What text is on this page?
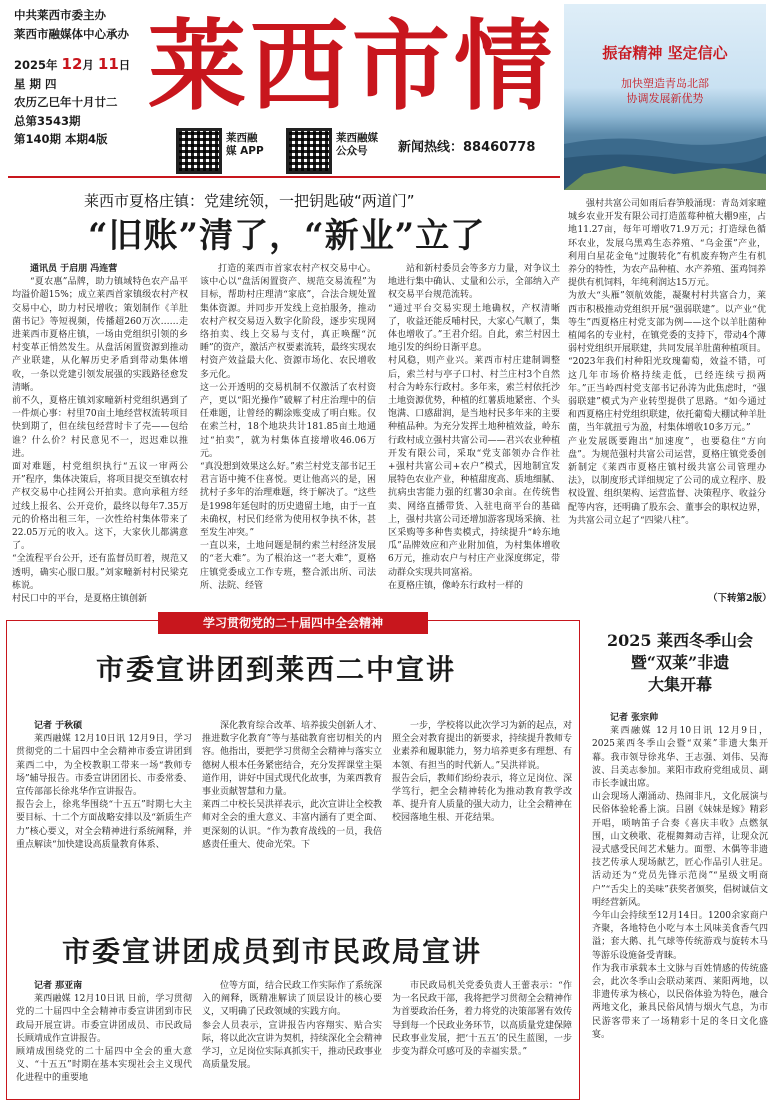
中共莱西市委主办
莱西市融媒体中心承办
2025年 12月 11日
星 期 四
农历乙巳年十月廿二
总第3543期
第140期 本期4版
莱西市情
莱西融媒 APP
莱西融媒 公众号	新闻热线：88460778
振奋精神 坚定信心
加快塑造青岛北部
协调发展新优势
莱西市夏格庄镇：党建统领，一把钥匙破“两道门”
“旧账”清了，“新业”立了
通讯员 于启朋 冯连营
“夏农惠”品牌，助力镇域特色农产品平均溢价超15%；成立莱西首家镇级农村产权交易中心，助力村民增收；策划制作《羊肚菌书记》等短视频，传播超260万次……走进莱西市夏格庄镇，一场由党组织引领的乡村变革正悄然发生。从盘活闲置资源到推动产业联建，从化解历史矛盾到带动集体增收，一条以党建引领发展强的实践路径愈发清晰。
前不久，夏格庄镇刘家疃新村党组织遇到了一件烦心事：村里70亩土地经营权流转项目快到期了，但在续包经营时卡了壳——包给谁？什么价？村民意见不一，迟迟难以推进。
面对难题，村党组织执行“五议一审两公开”程序，集体决策后，将项目提交至镇农村产权交易中心挂网公开拍卖。意向承租方经过线上报名、公开竞价，最终以每年7.35万元的价格出租三年，一次性给村集体带来了22.05万元的收入。这下，大家伙儿都满意了。
“全流程平台公开，还有监督员盯着，规范又透明，确实心服口服。”刘家疃新村村民梁克栋说。
村民口中的平台，是夏格庄镇创新
打造的莱西市首家农村产权交易中心。该中心以“盘活闲置资产、规范交易流程”为目标，帮助村庄理清“家底”，合法合规处置集体资源。并同步开发线上竞拍服务，推动农村产权交易迈入数字化阶段，逐步实现网络拍卖、线上交易与支付，真正唤醒“沉睡”的资产，激活产权要素流转，最终实现农村资产效益最大化、资源市场化、农民增收多元化。
这一公开透明的交易机制不仅激活了农村资产，更以“阳光操作”破解了村庄治理中的信任难题，让曾经的糊涂账变成了明白账。仅在索兰村，18个地块共计181.85亩土地通过“拍卖”，就为村集体直接增收46.06万元。
“真没想到效果这么好。”索兰村党支部书记王君言语中掩不住喜悦。更让他高兴的是，困扰村子多年的治理难题，终于解决了。“这些是1998年延包时的历史遗留土地，由于一直未确权，村民们经常为使用权争执不休，甚至发生冲突。”
一直以来，土地问题是制约索兰村经济发展的“老大难”。为了根治这一“老大难”，夏格庄镇党委成立工作专班，整合派出所、司法所、法院、经管
站和新村委员会等多方力量，对争议土地进行集中确认、丈量和公示，全部纳入产权交易平台规范流转。
“通过平台交易实现土地确权，产权清晰了，收益还能反哺村民，大家心气顺了，集体也增收了。”王君介绍。自此，索兰村因土地引发的纠纷日渐平息。
村风稳，则产业兴。莱西市村庄建制调整后，索兰村与亭子口村、村兰庄村3个自然村合为岭东行政村。多年来，索兰村依托沙土地资源优势，种植的红薯质地紧密、个头饱满、口感甜润，是当地村民多年来的主要种植品种。为充分发挥土地种植效益，岭东行政村成立强村共富公司——君兴农业种植开发有限公司，采取“党支部领办合作社+强村共富公司+农户”模式，因地制宜发展特色农业产业，种植甜度高、质地细腻、抗病虫害能力强的红薯30余亩。在传统售卖、网络直播带货、入驻电商平台的基础上，强村共富公司还增加游客现场采摘、社区采购等多种售卖模式，持续提升“岭东地瓜”品牌效应和产业附加值，为村集体增收6万元，推动农户与村庄产业深度绑定，带动群众实现共同富裕。
在夏格庄镇，像岭东行政村一样的
强村共富公司如雨后春笋般涌现：青岛刘家曈城乡农业开发有限公司打造蓝莓种植大棚9座，占地11.27亩，每年可增收71.9万元；打造绿色循环农业，发展乌黑鸡生态养殖、“乌金蛋”产业，利用白星花金龟“过腹转化”有机废弃物产生有机养分的特性，为农产品种植、水产养殖、蛋鸡饲养提供有机饲料，年纯利润达15万元。
为放大“头雁”领航效能，凝聚村村共富合力，莱西市积极推动党组织开展“强弱联建”。以产业“优等生”西夏格庄村党支部为例——这个以羊肚菌种植闻名的专业村，在镇党委的支持下，带动4个薄弱村党组织开展联建，共同发展羊肚菌种植项目。
“2023年我们村种阳光玫瑰葡萄，效益不错，可这几年市场价格持续走低，已经连续亏损两年。”正当岭西村党支部书记孙涛为此焦虑时，“强弱联建”模式为产业转型提供了思路。“如今通过和西夏格庄村党组织联建，依托葡萄大棚试种羊肚菌，当年就扭亏为盈，村集体增收10多万元。”
产业发展既要跑出“加速度”，也要稳住“方向盘”。为规范强村共富公司运营，夏格庄镇党委创新制定《莱西市夏格庄镇村级共富公司管理办法》，以制度形式详细规定了公司的成立程序、股权设置、组织架构、运营监督、决策程序、收益分配等内容，还明确了股东会、董事会的职权边界，为共富公司立起了“四梁八柱”。
（下转第2版）
学习贯彻党的二十届四中全会精神
市委宣讲团到莱西二中宣讲
记者 于秋硕
莱西融媒 12月10日讯 12月9日，学习贯彻党的二十届四中全会精神市委宣讲团到莱西二中，为全校教职工带来一场“教师专场”辅导报告。市委宣讲团团长、市委常委、宣传部部长徐兆华作宣讲报告。
报告会上，徐兆华围绕“十五五”时期七大主要目标、十二个方面战略安排以及“新质生产力”核心要义，对全会精神进行系统阐释，并重点解读“加快建设高质量教育体系、
深化教育综合改革、培养拔尖创新人才、推进数字化教育”等与基础教育密切相关的内容。他指出，要把学习贯彻全会精神与落实立德树人根本任务紧密结合，充分发挥课堂主渠道作用，讲好中国式现代化故事，为莱西教育事业贡献智慧和力量。
莱西二中校长吴洪祥表示，此次宣讲让全校教师对全会的重大意义、丰富内涵有了更全面、更深刻的认识。“作为教育战线的一员，我倍感责任重大、使命光荣。下
一步，学校将以此次学习为新的起点，对照全会对教育提出的新要求，持续提升教师专业素养和履职能力，努力培养更多有理想、有本领、有担当的时代新人。”吴洪祥说。
报告会后，教师们纷纷表示，将立足岗位、深学笃行，把全会精神转化为推动教育教学改革、提升育人质量的强大动力，让全会精神在校园落地生根、开花结果。
市委宣讲团成员到市民政局宣讲
记者 那亚南
莱西融媒 12月10日讯 日前，学习贯彻党的二十届四中全会精神市委宣讲团到市民政局开展宣讲。市委宣讲团成员、市民政局长顾靖成作宣讲报告。
顾靖成围绕党的二十届四中全会的重大意义、“十五五”时期在基本实现社会主义现代化进程中的重要地
位等方面，结合民政工作实际作了系统深入的阐释，既精准解读了顶层设计的核心要义，又明确了民政领域的实践方向。
参会人员表示，宣讲报告内容翔实、贴合实际，将以此次宣讲为契机，持续深化全会精神学习，立足岗位实际真抓实干，推动民政事业高质量发展。
市民政局机关党委负责人王蕾表示：“作为一名民政干部，我将把学习贯彻全会精神作为首要政治任务，着力将党的决策部署有效传导到每一个民政业务环节，以高质量党建保障民政事业发展，把‘十五五’的民生蓝图，一步步变为群众可感可及的幸福实景。”
2025 莱西冬季山会
暨“双莱”非遗
大集开幕
记者 张宗帅
莱西融媒 12月10日讯 12月9日，2025莱西冬季山会暨“双莱”非遗大集开幕。我市领导徐兆华、王志强、刘伟、吴海波、吕美志参加。莱阳市政府党组成员、副市长李诚出席。
山会现场人潮涌动、热闹非凡，文化展演与民俗体验轮番上演。吕剧《妹妹是嫁》精彩开唱，唢呐笛子合奏《喜庆丰收》点燃氛围，山文秧歌、花棍舞舞动吉祥，让现众沉浸式感受民间艺术魅力。面塑、木偶等非遗技艺传承人现场献艺，匠心作品引人驻足。活动还为“党员先锋示范岗”“星级文明商户”“舌尖上的美味”获奖者颁奖，倡树诚信文明经营新风。
今年山会持续至12月14日。1200余家商户齐聚，各地特色小吃与本土风味美食香气四溢；套大鹅、扎气球等传统游戏与旋转木马等游乐设施备受青睐。
作为我市承载本土文脉与百姓情感的传统盛会，此次冬季山会联动莱西、莱阳两地，以非遗传承为核心，以民俗体验为特色，融合两地文化，兼具民俗风情与烟火气息，为市民游客带来了一场精彩十足的冬日文化盛宴。
